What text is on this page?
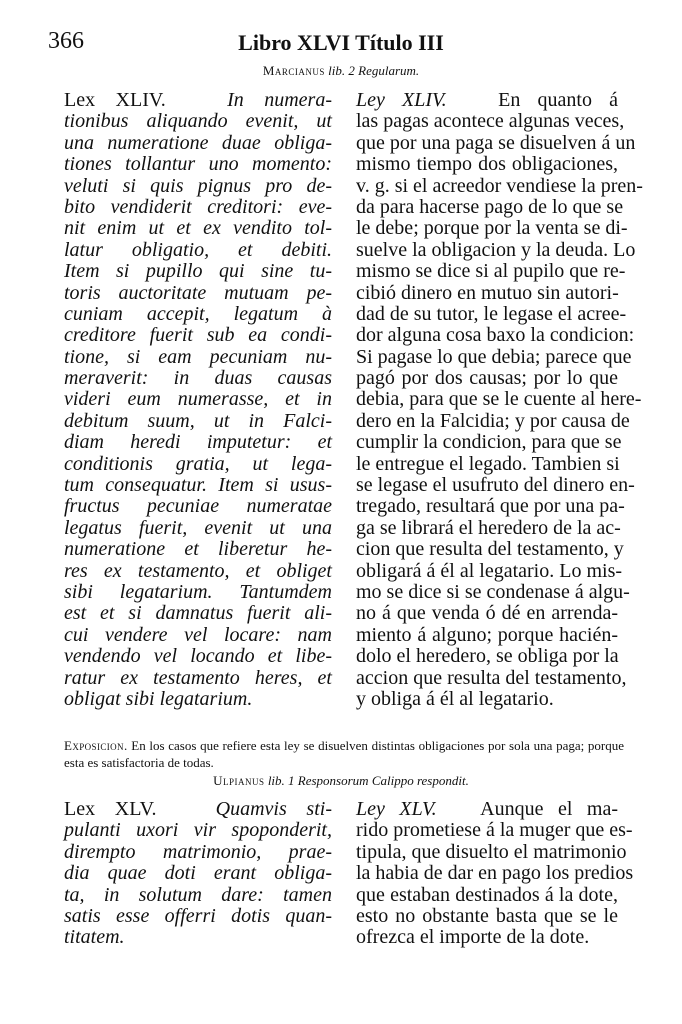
366	Libro XLVI Título III
Marcianus lib. 2 Regularum.
Lex XLIV.	In numera-
tionibus aliquando evenit, ut
una numeratione duae obliga-
tiones tollantur uno momento:
veluti si quis pignus pro de-
bito vendiderit creditori: eve-
nit enim ut et ex vendito tol-
latur obligatio, et debiti.
Item si pupillo qui sine tu-
toris auctoritate mutuam pe-
cuniam accepit, legatum à
creditore fuerit sub ea condi-
tione, si eam pecuniam nu-
meraverit: in duas causas
videri eum numerasse, et in
debitum suum, ut in Falci-
diam heredi imputetur: et
conditionis gratia, ut lega-
tum consequatur. Item si usus-
fructus pecuniae numeratae
legatus fuerit, evenit ut una
numeratione et liberetur he-
res ex testamento, et obliget
sibi legatarium. Tantumdem
est et si damnatus fuerit ali-
cui vendere vel locare: nam
vendendo vel locando et libe-
ratur ex testamento heres, et
obligat sibi legatarium.
Ley XLIV.	En quanto á
las pagas acontece algunas veces,
que por una paga se disuelven á un
mismo tiempo dos obligaciones,
v. g. si el acreedor vendiese la pren-
da para hacerse pago de lo que se
le debe; porque por la venta se di-
suelve la obligacion y la deuda. Lo
mismo se dice si al pupilo que re-
cibió dinero en mutuo sin autori-
dad de su tutor, le legase el acree-
dor alguna cosa baxo la condicion:
Si pagase lo que debia; parece que
pagó por dos causas; por lo que
debia, para que se le cuente al here-
dero en la Falcidia; y por causa de
cumplir la condicion, para que se
le entregue el legado. Tambien si
se legase el usufruto del dinero en-
tregado, resultará que por una pa-
ga se librará el heredero de la ac-
cion que resulta del testamento, y
obligará á él al legatario. Lo mis-
mo se dice si se condenase á algu-
no á que venda ó dé en arrenda-
miento á alguno; porque hacién-
dolo el heredero, se obliga por la
accion que resulta del testamento,
y obliga á él al legatario.
Exposicion. En los casos que refiere esta ley se disuelven distintas obligaciones por sola una paga; porque esta es satisfactoria de todas.
Ulpianus lib. 1 Responsorum Calippo respondit.
Lex XLV.	Quamvis sti-
pulanti uxori vir spoponderit,
dirempto matrimonio, prae-
dia quae doti erant obliga-
ta, in solutum dare: tamen
satis esse offerri dotis quan-
titatem.
Ley XLV. Aunque el ma-
rido prometiese á la muger que es-
tipula, que disuelto el matrimonio
la habia de dar en pago los predios
que estaban destinados á la dote,
esto no obstante basta que se le
ofrezca el importe de la dote.
